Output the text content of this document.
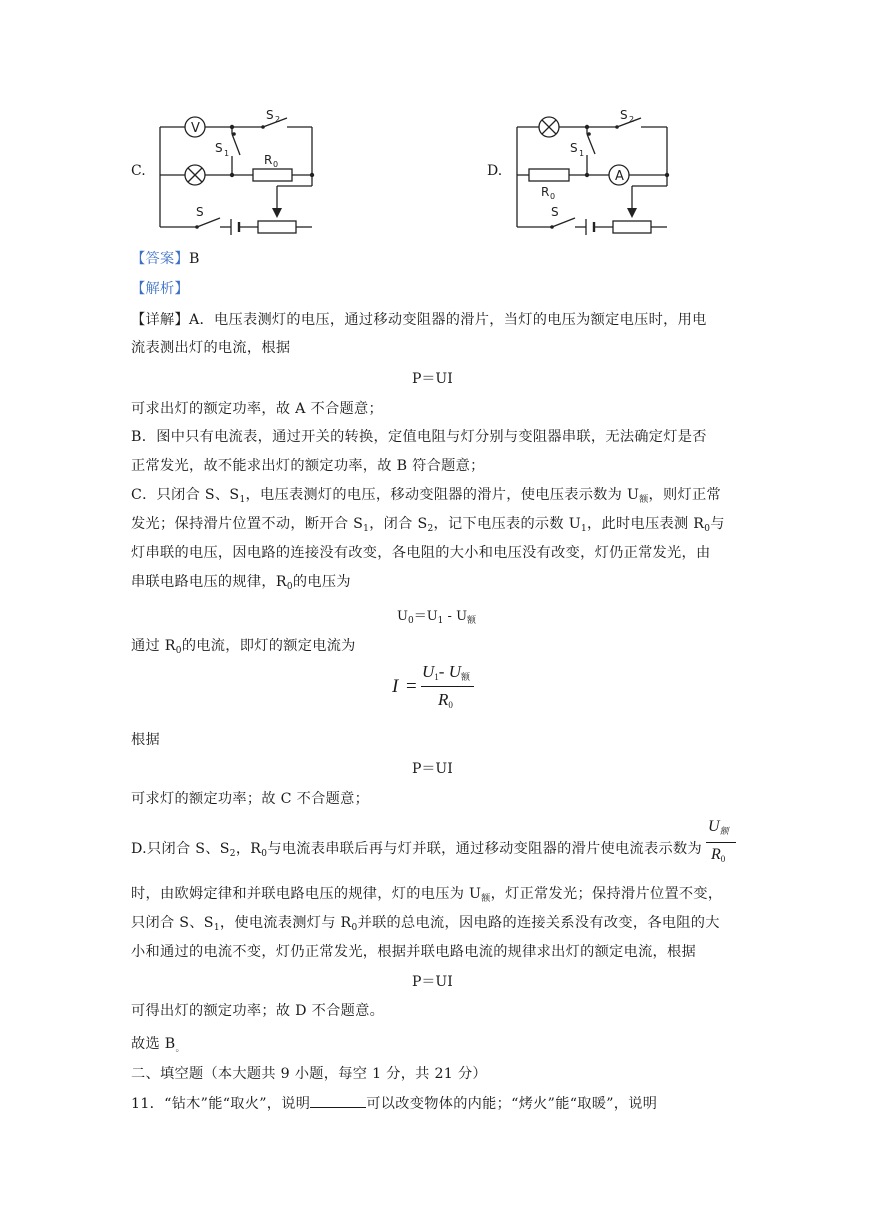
C.
V
S 2
S 1	R 0
S
D.	A
S 2
S 1
R 0
S
【答案】B
【解析】
【详解】A．电压表测灯的电压，通过移动变阻器的滑片，当灯的电压为额定电压时，用电
流表测出灯的电流，根据
P＝UI
可求出灯的额定功率，故 A 不合题意；
B．图中只有电流表，通过开关的转换，定值电阻与灯分别与变阻器串联，无法确定灯是否
正常发光，故不能求出灯的额定功率，故 B 符合题意；
C．只闭合 S、$S_1$，电压表测灯的电压，移动变阻器的滑片，使电压表示数为 $U_额$，则灯正常
发光；保持滑片位置不动，断开合 $S_1$，闭合 $S_2$，记下电压表的示数 $U_1$，此时电压表测 $R_0$与
灯串联的电压，因电路的连接没有改变，各电阻的大小和电压没有改变，灯仍正常发光，由
串联电路电压的规律，$R_0$的电压为
$U_0=U_1 - U_额$
通过 $R_0$的电流，即灯的额定电流为
I =
$U_1-$ $U_额$
$R_0$
根据
P＝UI
可求灯的额定功率；故 C 不合题意；
D.只闭合 S、$S_2$，$R_0$与电流表串联后再与灯并联，通过移动变阻器的滑片使电流表示数为
$U_额$
$R_0$
时，由欧姆定律和并联电路电压的规律，灯的电压为 $U_额$，灯正常发光；保持滑片位置不变，
只闭合 S、$S_1$，使电流表测灯与 $R_0$并联的总电流，因电路的连接关系没有改变，各电阻的大
小和通过的电流不变，灯仍正常发光，根据并联电路电流的规律求出灯的额定电流，根据
P＝UI
可得出灯的额定功率；故 D 不合题意。
故选 $B_。$
二、填空题（本大题共 9 小题，每空 1 分，共 21 分）
11．“钻木”能“取火”，说明	可以改变物体的内能；“烤火”能“取暖”，说明
